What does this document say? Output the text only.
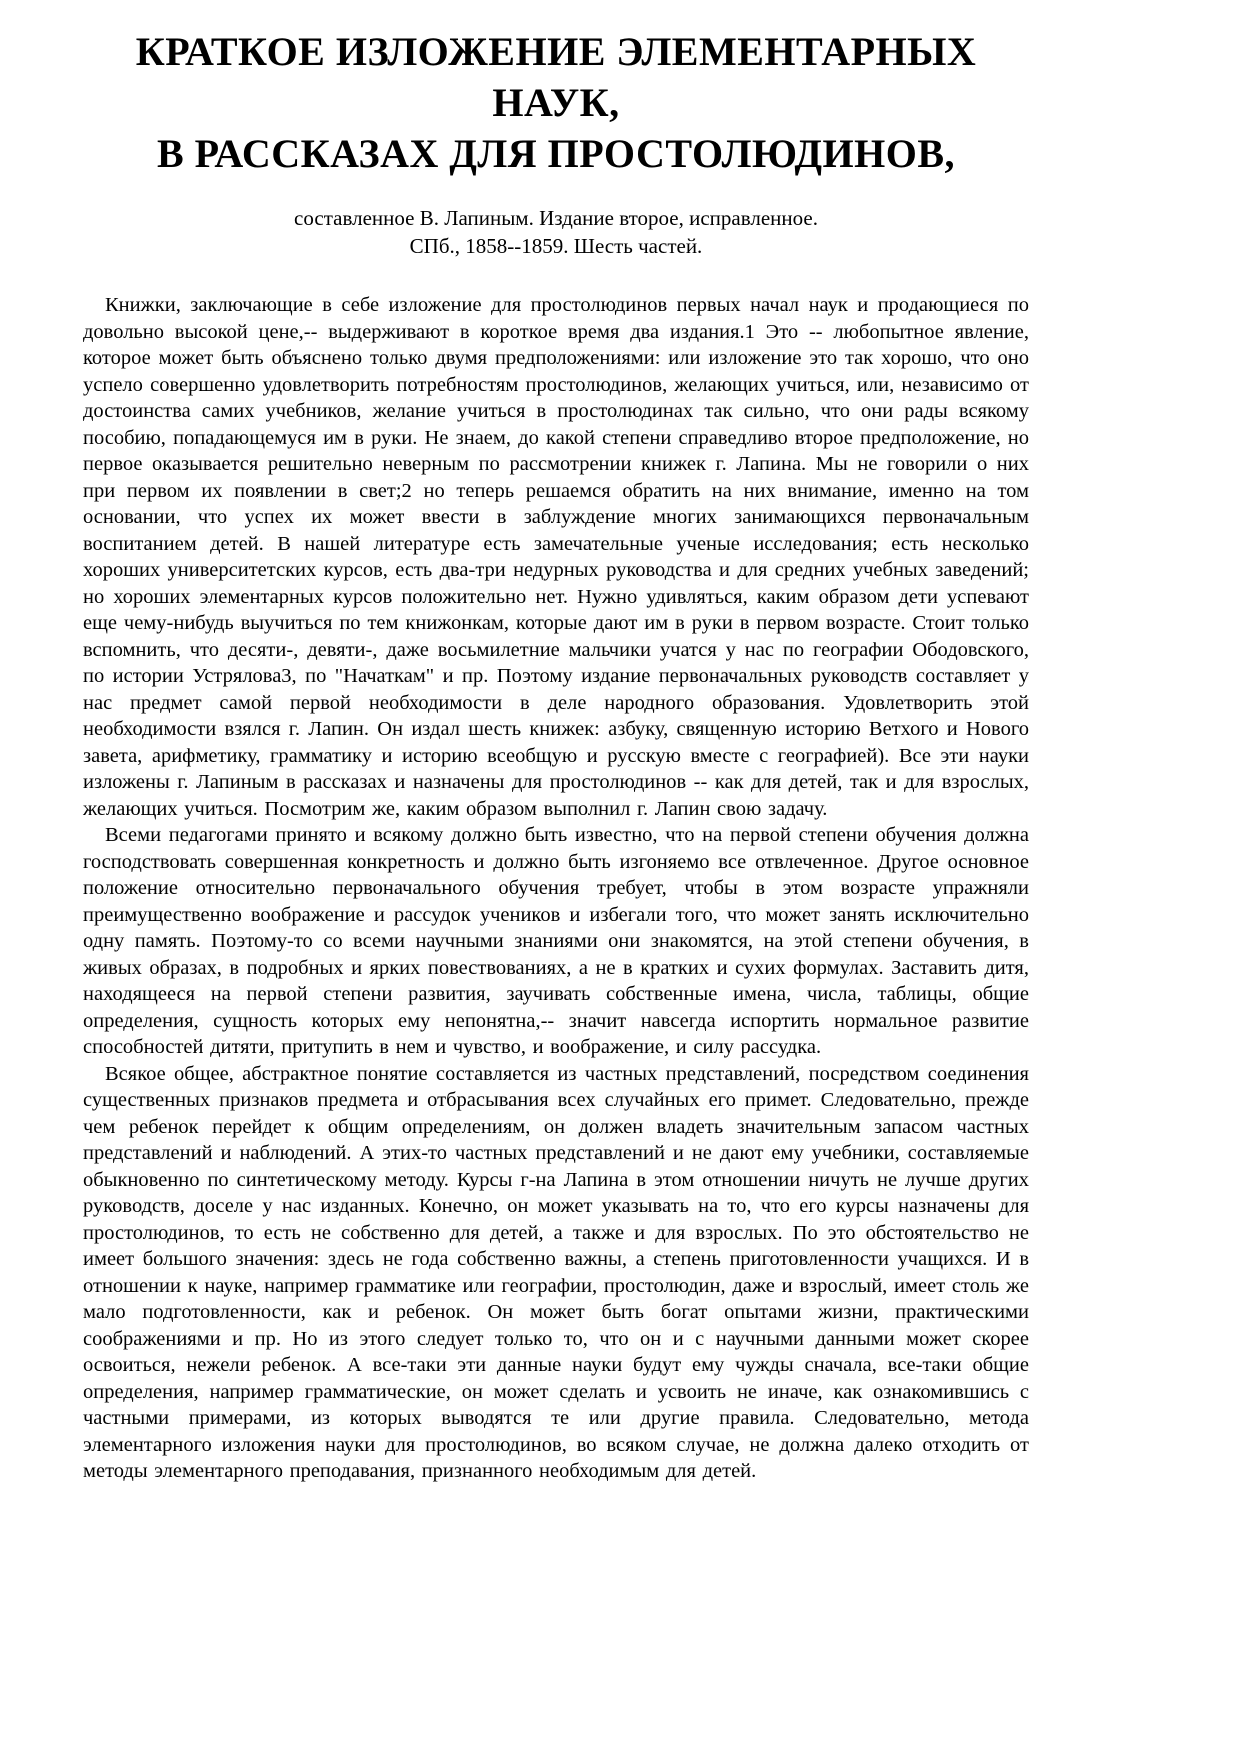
КРАТКОЕ ИЗЛОЖЕНИЕ ЭЛЕМЕНТАРНЫХ НАУК,
В РАССКАЗАХ ДЛЯ ПРОСТОЛЮДИНОВ,
составленное В. Лапиным. Издание второе, исправленное.
СПб., 1858--1859. Шесть частей.

Книжки, заключающие в себе изложение для простолюдинов первых начал наук и продающиеся по довольно высокой цене,-- выдерживают в короткое время два издания.1 Это -- любопытное явление, которое может быть объяснено только двумя предположениями: или изложение это так хорошо, что оно успело совершенно удовлетворить потребностям простолюдинов, желающих учиться, или, независимо от достоинства самих учебников, желание учиться в простолюдинах так сильно, что они рады всякому пособию, попадающемуся им в руки. Не знаем, до какой степени справедливо второе предположение, но первое оказывается решительно неверным по рассмотрении книжек г. Лапина. Мы не говорили о них при первом их появлении в свет;2 но теперь решаемся обратить на них внимание, именно на том основании, что успех их может ввести в заблуждение многих занимающихся первоначальным воспитанием детей. В нашей литературе есть замечательные ученые исследования; есть несколько хороших университетских курсов, есть два-три недурных руководства и для средних учебных заведений; но хороших элементарных курсов положительно нет. Нужно удивляться, каким образом дети успевают еще чему-нибудь выучиться по тем книжонкам, которые дают им в руки в первом возрасте. Стоит только вспомнить, что десяти-, девяти-, даже восьмилетние мальчики учатся у нас по географии Ободовского, по истории Устрялова3, по "Начаткам" и пр. Поэтому издание первоначальных руководств составляет у нас предмет самой первой необходимости в деле народного образования. Удовлетворить этой необходимости взялся г. Лапин. Он издал шесть книжек: азбуку, священную историю Ветхого и Нового завета, арифметику, грамматику и историю всеобщую и русскую вместе с географией). Все эти науки изложены г. Лапиным в рассказах и назначены для простолюдинов -- как для детей, так и для взрослых, желающих учиться. Посмотрим же, каким образом выполнил г. Лапин свою задачу.

Всеми педагогами принято и всякому должно быть известно, что на первой степени обучения должна господствовать совершенная конкретность и должно быть изгоняемо все отвлеченное. Другое основное положение относительно первоначального обучения требует, чтобы в этом возрасте упражняли преимущественно воображение и рассудок учеников и избегали того, что может занять исключительно одну память. Поэтому-то со всеми научными знаниями они знакомятся, на этой степени обучения, в живых образах, в подробных и ярких повествованиях, а не в кратких и сухих формулах. Заставить дитя, находящееся на первой степени развития, заучивать собственные имена, числа, таблицы, общие определения, сущность которых ему непонятна,-- значит навсегда испортить нормальное развитие способностей дитяти, притупить в нем и чувство, и воображение, и силу рассудка.

Всякое общее, абстрактное понятие составляется из частных представлений, посредством соединения существенных признаков предмета и отбрасывания всех случайных его примет. Следовательно, прежде чем ребенок перейдет к общим определениям, он должен владеть значительным запасом частных представлений и наблюдений. А этих-то частных представлений и не дают ему учебники, составляемые обыкновенно по синтетическому методу. Курсы г-на Лапина в этом отношении ничуть не лучше других руководств, доселе у нас изданных. Конечно, он может указывать на то, что его курсы назначены для простолюдинов, то есть не собственно для детей, а также и для взрослых. По это обстоятельство не имеет большого значения: здесь не года собственно важны, а степень приготовленности учащихся. И в отношении к науке, например грамматике или географии, простолюдин, даже и взрослый, имеет столь же мало подготовленности, как и ребенок. Он может быть богат опытами жизни, практическими соображениями и пр. Но из этого следует только то, что он и с научными данными может скорее освоиться, нежели ребенок. А все-таки эти данные науки будут ему чужды сначала, все-таки общие определения, например грамматические, он может сделать и усвоить не иначе, как ознакомившись с частными примерами, из которых выводятся те или другие правила. Следовательно, метода элементарного изложения науки для простолюдинов, во всяком случае, не должна далеко отходить от методы элементарного преподавания, признанного необходимым для детей.
